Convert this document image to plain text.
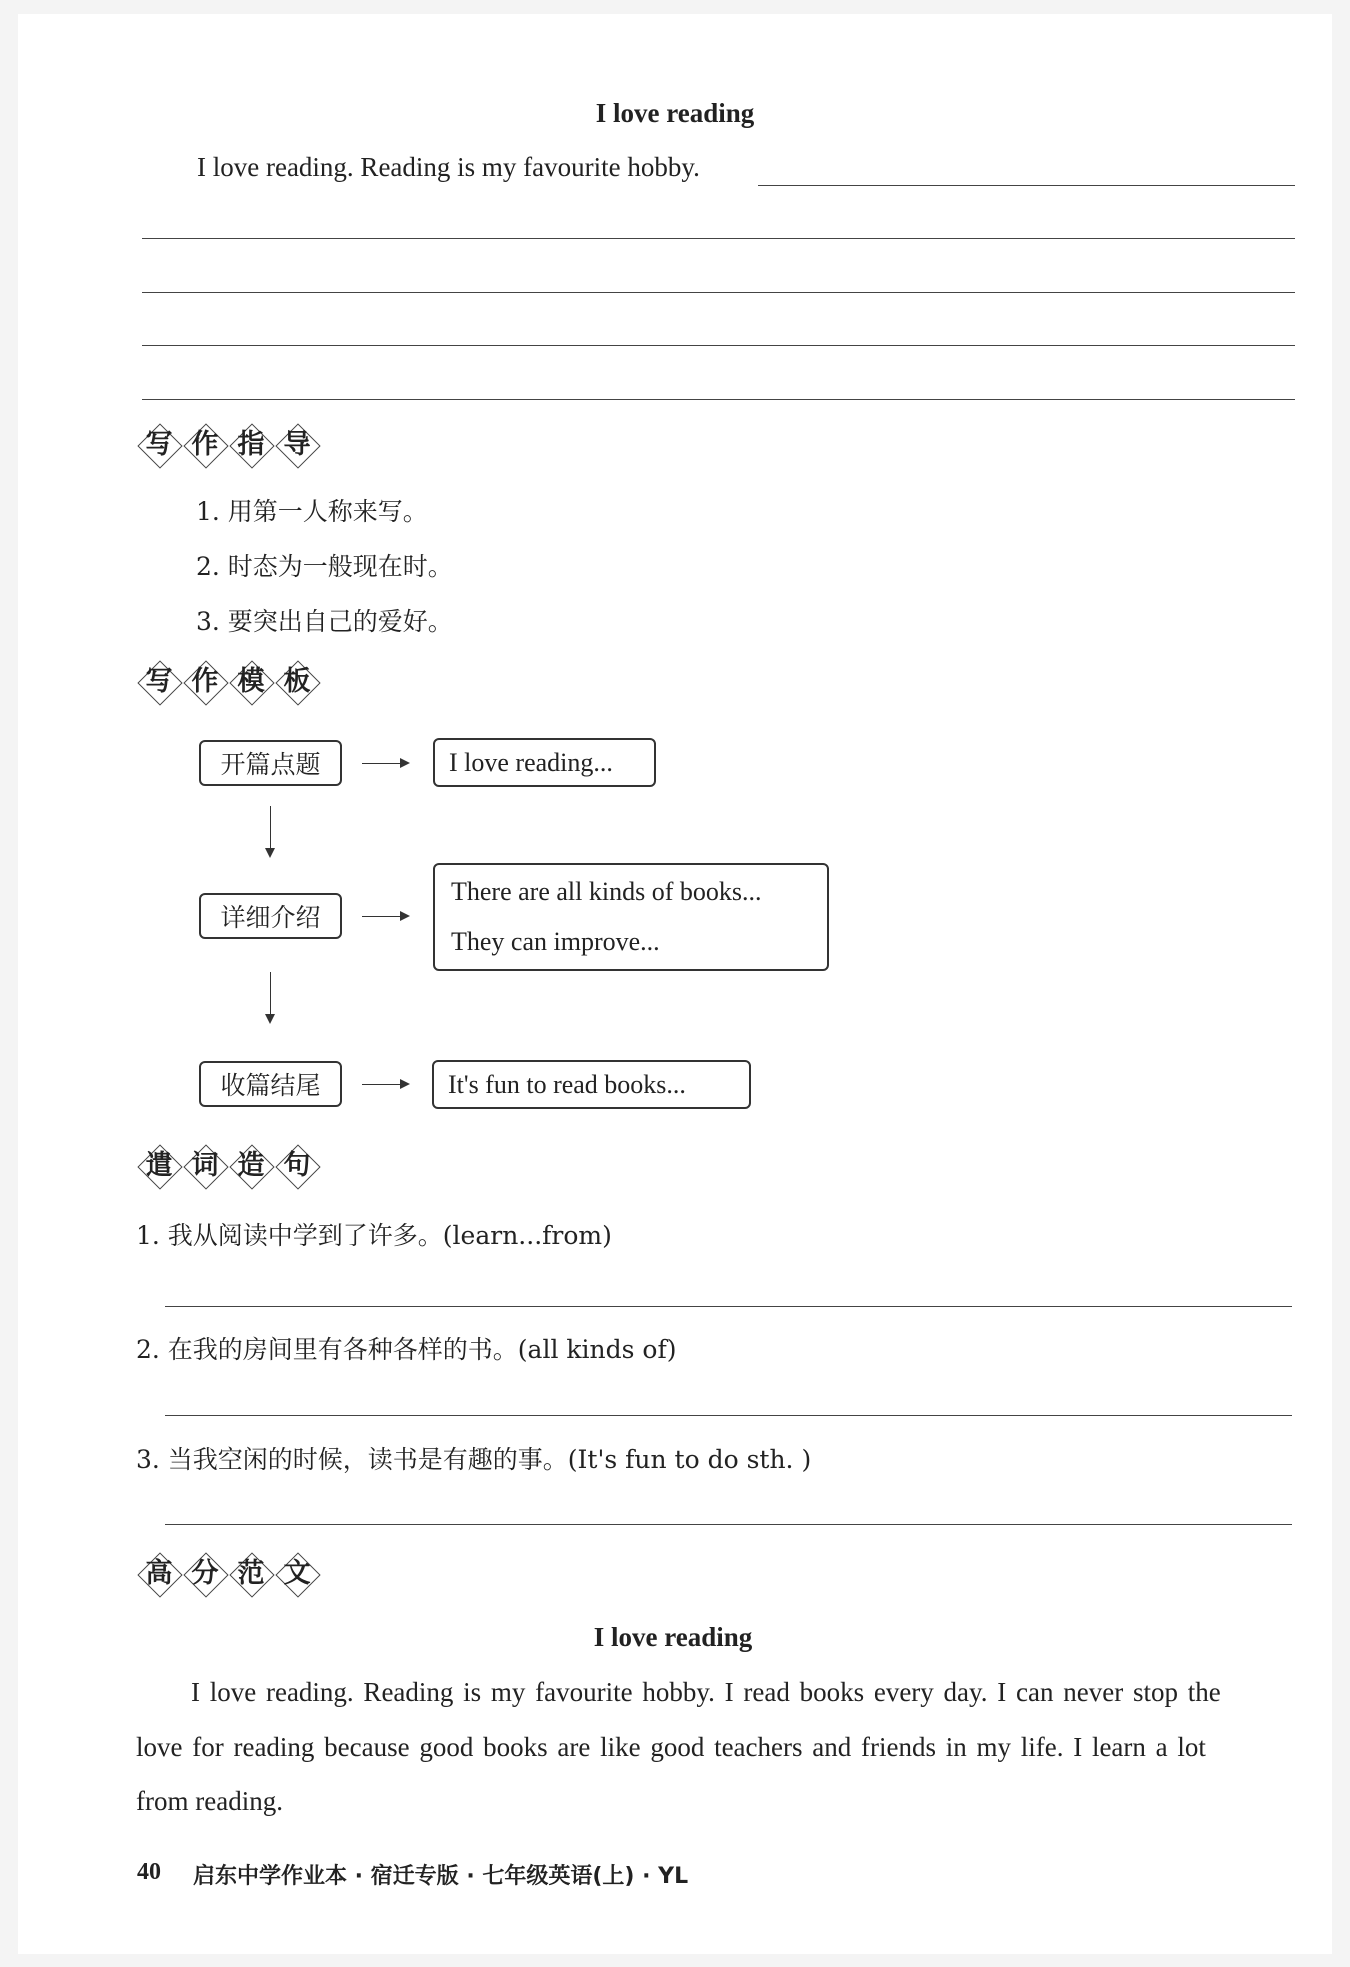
I love reading
I love reading. Reading is my favourite hobby.
写 作 指 导
1. 用第一人称来写。
2. 时态为一般现在时。
3. 要突出自己的爱好。
写 作 模 板
开篇点题	I love reading...
详细介绍
There are all kinds of books...
They can improve...
收篇结尾	It's fun to read books...
遣 词 造 句
1. 我从阅读中学到了许多。(learn...from)
2. 在我的房间里有各种各样的书。(all kinds of)
3. 当我空闲的时候，读书是有趣的事。(It's fun to do sth. )
高 分 范 文
I love reading
I love reading. Reading is my favourite hobby. I read books every day. I can never stop the
love for reading because good books are like good teachers and friends in my life. I learn a lot
from reading.
40 启东中学作业本 · 宿迁专版 · 七年级英语(上) · YL
